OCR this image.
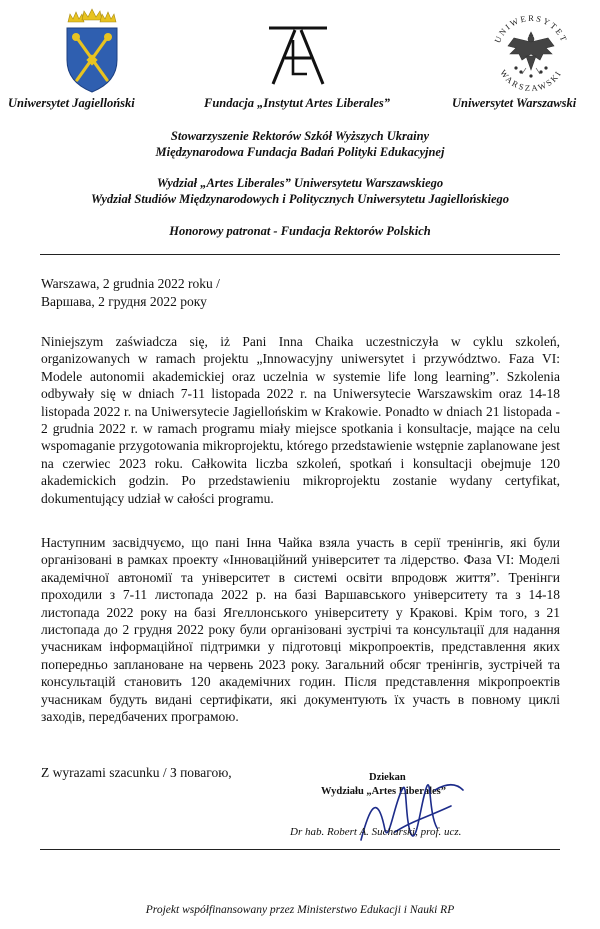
UNIWERSYTET
WARSZAWSKI
Uniwersytet Jagielloński	Fundacja „Instytut Artes Liberales”	Uniwersytet Warszawski
Stowarzyszenie Rektorów Szkół Wyższych Ukrainy
Międzynarodowa Fundacja Badań Polityki Edukacyjnej
Wydział „Artes Liberales” Uniwersytetu Warszawskiego
Wydział Studiów Międzynarodowych i Politycznych Uniwersytetu Jagiellońskiego
Honorowy patronat - Fundacja Rektorów Polskich
Warszawa, 2 grudnia 2022 roku /
Варшава, 2 грудня 2022 року
Niniejszym zaświadcza się, iż Pani Inna Chaika uczestniczyła w cyklu szkoleń, organizowanych w ramach projektu „Innowacyjny uniwersytet i przywództwo. Faza VI: Modele autonomii akademickiej oraz uczelnia w systemie life long learning”. Szkolenia odbywały się w dniach 7-11 listopada 2022 r. na Uniwersytecie Warszawskim oraz 14-18 listopada 2022 r. na Uniwersytecie Jagiellońskim w Krakowie. Ponadto w dniach 21 listopada - 2 grudnia 2022 r. w ramach programu miały miejsce spotkania i konsultacje, mające na celu wspomaganie przygotowania mikroprojektu, którego przedstawienie wstępnie zaplanowane jest na czerwiec 2023 roku. Całkowita liczba szkoleń, spotkań i konsultacji obejmuje 120 akademickich godzin. Po przedstawieniu mikroprojektu zostanie wydany certyfikat, dokumentujący udział w całości programu.
Наступним засвідчуємо, що пані Інна Чайка взяла участь в серії тренінгів, які були організовані в рамках проекту «Інноваційний університет та лідерство. Фаза VI: Моделі академічної автономії та університет в системі освіти впродовж життя”. Тренінги проходили з 7-11 листопада 2022 р. на базі Варшавського університету та з 14-18 листопада 2022 року на базі Ягеллонського університету у Кракові. Крім того, з 21 листопада до 2 грудня 2022 року були організовані зустрічі та консультації для надання учасникам інформаційної підтримки у підготовці мікропроектів, представлення яких попередньо заплановане на червень 2023 року. Загальний обсяг тренінгів, зустрічей та консультацій становить 120 академічних годин. Після представлення мікропроектів учасникам будуть видані сертифікати, які документують їх участь в повному циклі заходів, передбачених програмою.
Z wyrazami szacunku / З повагою,	Dziekan
Wydziału „Artes Liberales”
Dr hab. Robert A. Sucharski, prof. ucz.
Projekt współfinansowany przez Ministerstwo Edukacji i Nauki RP
